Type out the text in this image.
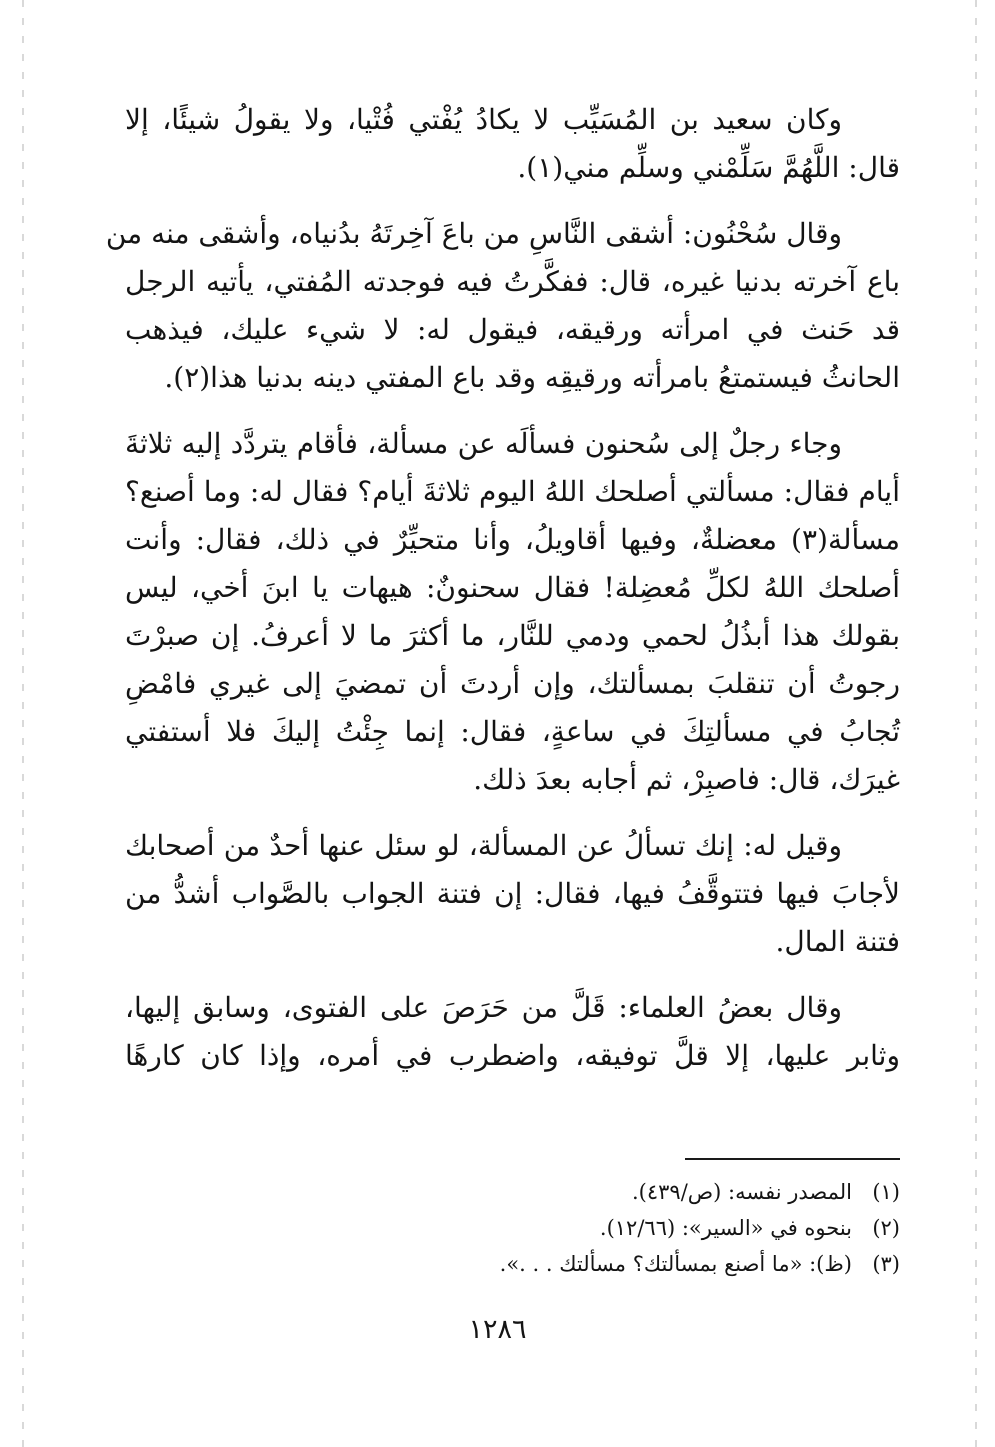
وكان سعيد بن المُسَيِّب لا يكادُ يُفْتي فُتْيا، ولا يقولُ شيئًا، إلا
قال: اللَّهُمَّ سَلِّمْني وسلِّم مني(١).

وقال سُحْنُون: أشقى النَّاسِ من باعَ آخِرتَهُ بدُنياه، وأشقى منه من
باع آخرته بدنيا غيره، قال: ففكَّرتُ فيه فوجدته المُفتي، يأتيه الرجل
قد حَنث في امرأته ورقيقه، فيقول له: لا شيء عليك، فيذهب
الحانثُ فيستمتعُ بامرأته ورقيقِه وقد باع المفتي دينه بدنيا هذا(٢).

وجاء رجلٌ إلى سُحنون فسألَه عن مسألة، فأقام يتردَّد إليه ثلاثةَ
أيام فقال: مسألتي أصلحك اللهُ اليوم ثلاثةَ أيام؟ فقال له: وما أصنع؟
مسألة(٣) معضلةٌ، وفيها أقاويلُ، وأنا متحيِّرٌ في ذلك، فقال: وأنت
أصلحك اللهُ لكلِّ مُعضِلة! فقال سحنونٌ: هيهات يا ابنَ أخي، ليس
بقولك هذا أبذُلُ لحمي ودمي للنَّار، ما أكثرَ ما لا أعرفُ. إن صبرْتَ
رجوتُ أن تنقلبَ بمسألتك، وإن أردتَ أن تمضيَ إلى غيري فامْضِ
تُجابُ في مسألتِكَ في ساعةٍ، فقال: إنما جِئْتُ إليكَ فلا أستفتي
غيرَك، قال: فاصبِرْ، ثم أجابه بعدَ ذلك.

وقيل له: إنك تسألُ عن المسألة، لو سئل عنها أحدٌ من أصحابك
لأجابَ فيها فتتوقَّفُ فيها، فقال: إن فتنة الجواب بالصَّواب أشدُّ من
فتنة المال.

وقال بعضُ العلماء: قَلَّ من حَرَصَ على الفتوى، وسابق إليها،
وثابر عليها، إلا قلَّ توفيقه، واضطرب في أمره، وإذا كان كارهًا

(١)المصدر نفسه: (ص/٤٣٩).
(٢)بنحوه في «السير»: (١٢/٦٦).
(٣)(ظ): «ما أصنع بمسألتك؟ مسألتك . . .».
١٢٨٦
